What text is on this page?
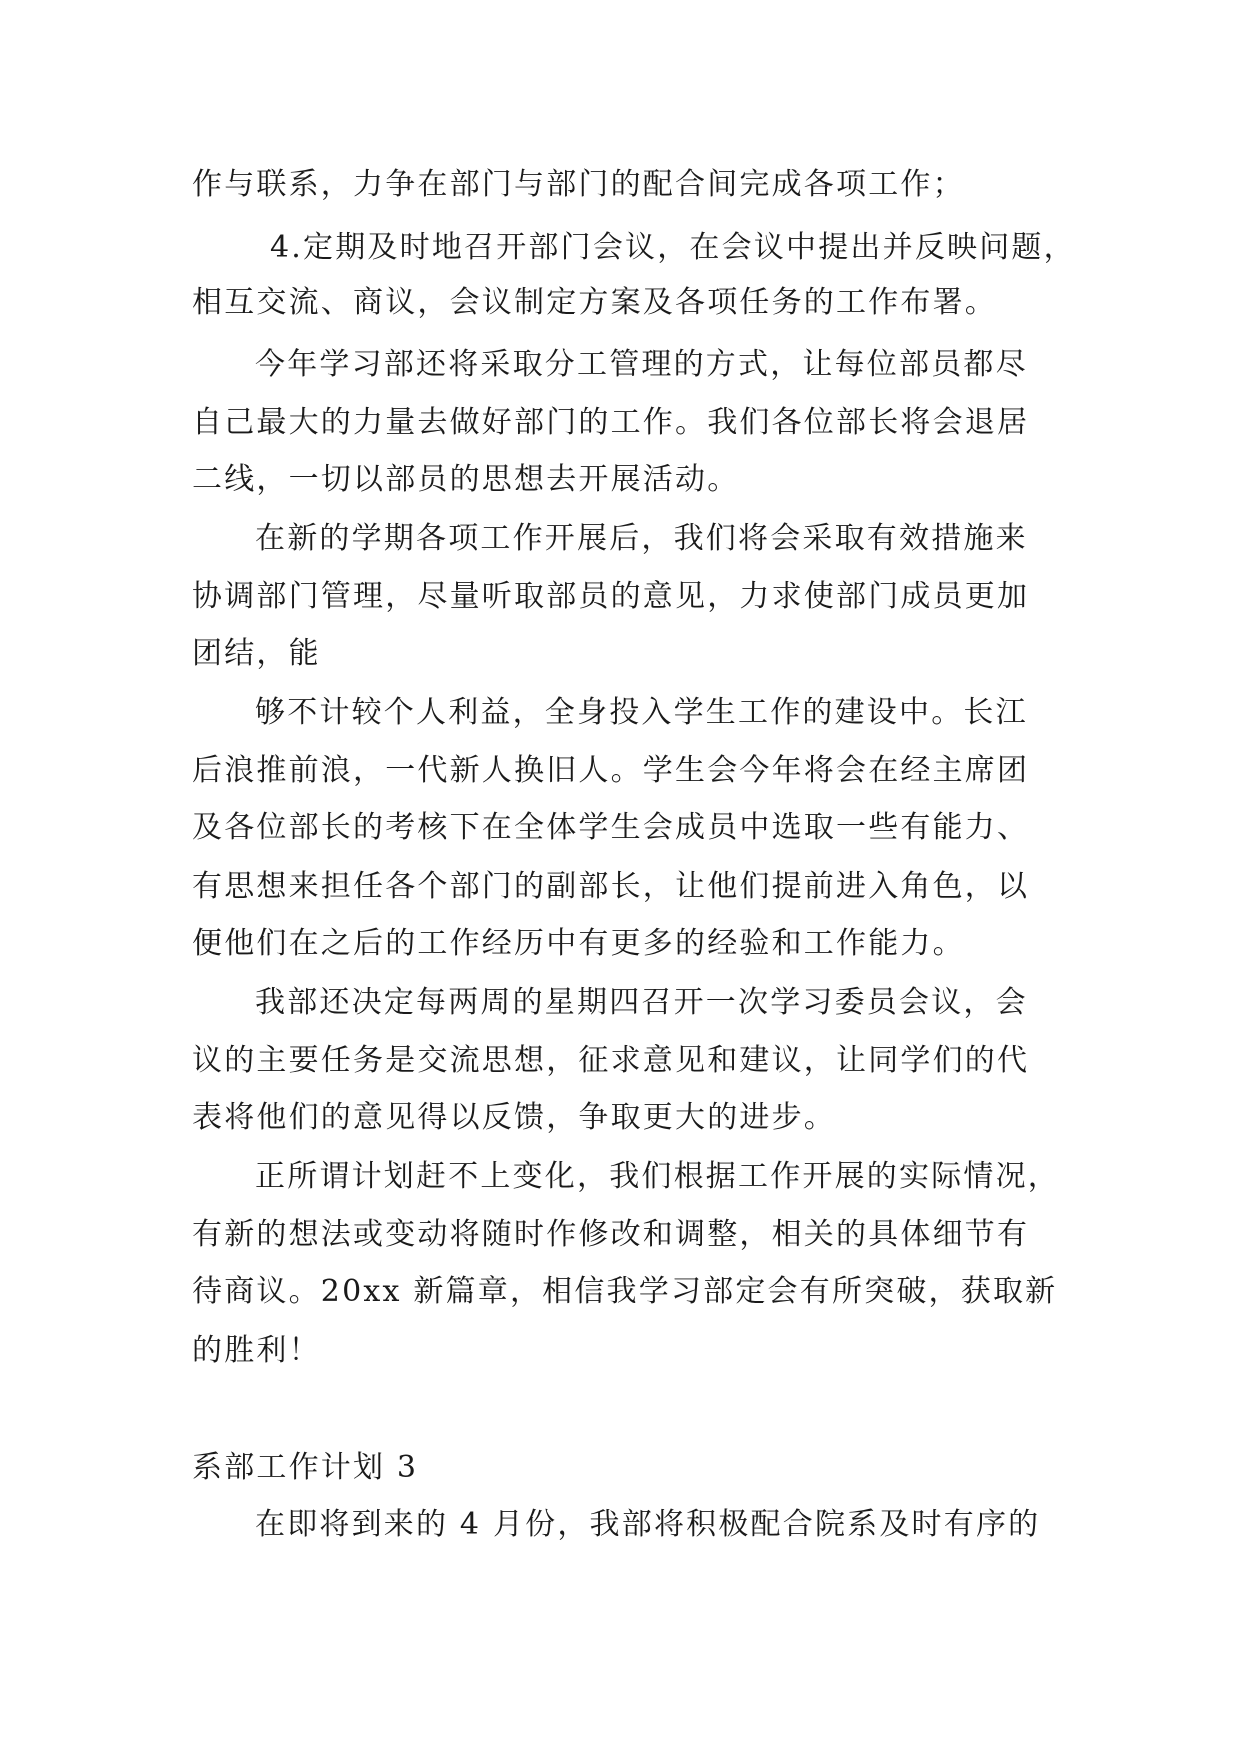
作与联系，力争在部门与部门的配合间完成各项工作；
4.定期及时地召开部门会议，在会议中提出并反映问题，
相互交流、商议，会议制定方案及各项任务的工作布署。
今年学习部还将采取分工管理的方式，让每位部员都尽
自己最大的力量去做好部门的工作。我们各位部长将会退居
二线，一切以部员的思想去开展活动。
在新的学期各项工作开展后，我们将会采取有效措施来
协调部门管理，尽量听取部员的意见，力求使部门成员更加
团结，能
够不计较个人利益，全身投入学生工作的建设中。长江
后浪推前浪，一代新人换旧人。学生会今年将会在经主席团
及各位部长的考核下在全体学生会成员中选取一些有能力、
有思想来担任各个部门的副部长，让他们提前进入角色，以
便他们在之后的工作经历中有更多的经验和工作能力。
我部还决定每两周的星期四召开一次学习委员会议，会
议的主要任务是交流思想，征求意见和建议，让同学们的代
表将他们的意见得以反馈，争取更大的进步。
正所谓计划赶不上变化，我们根据工作开展的实际情况，
有新的想法或变动将随时作修改和调整，相关的具体细节有
待商议。20xx 新篇章，相信我学习部定会有所突破，获取新
的胜利！
系部工作计划 3
在即将到来的 4 月份，我部将积极配合院系及时有序的
